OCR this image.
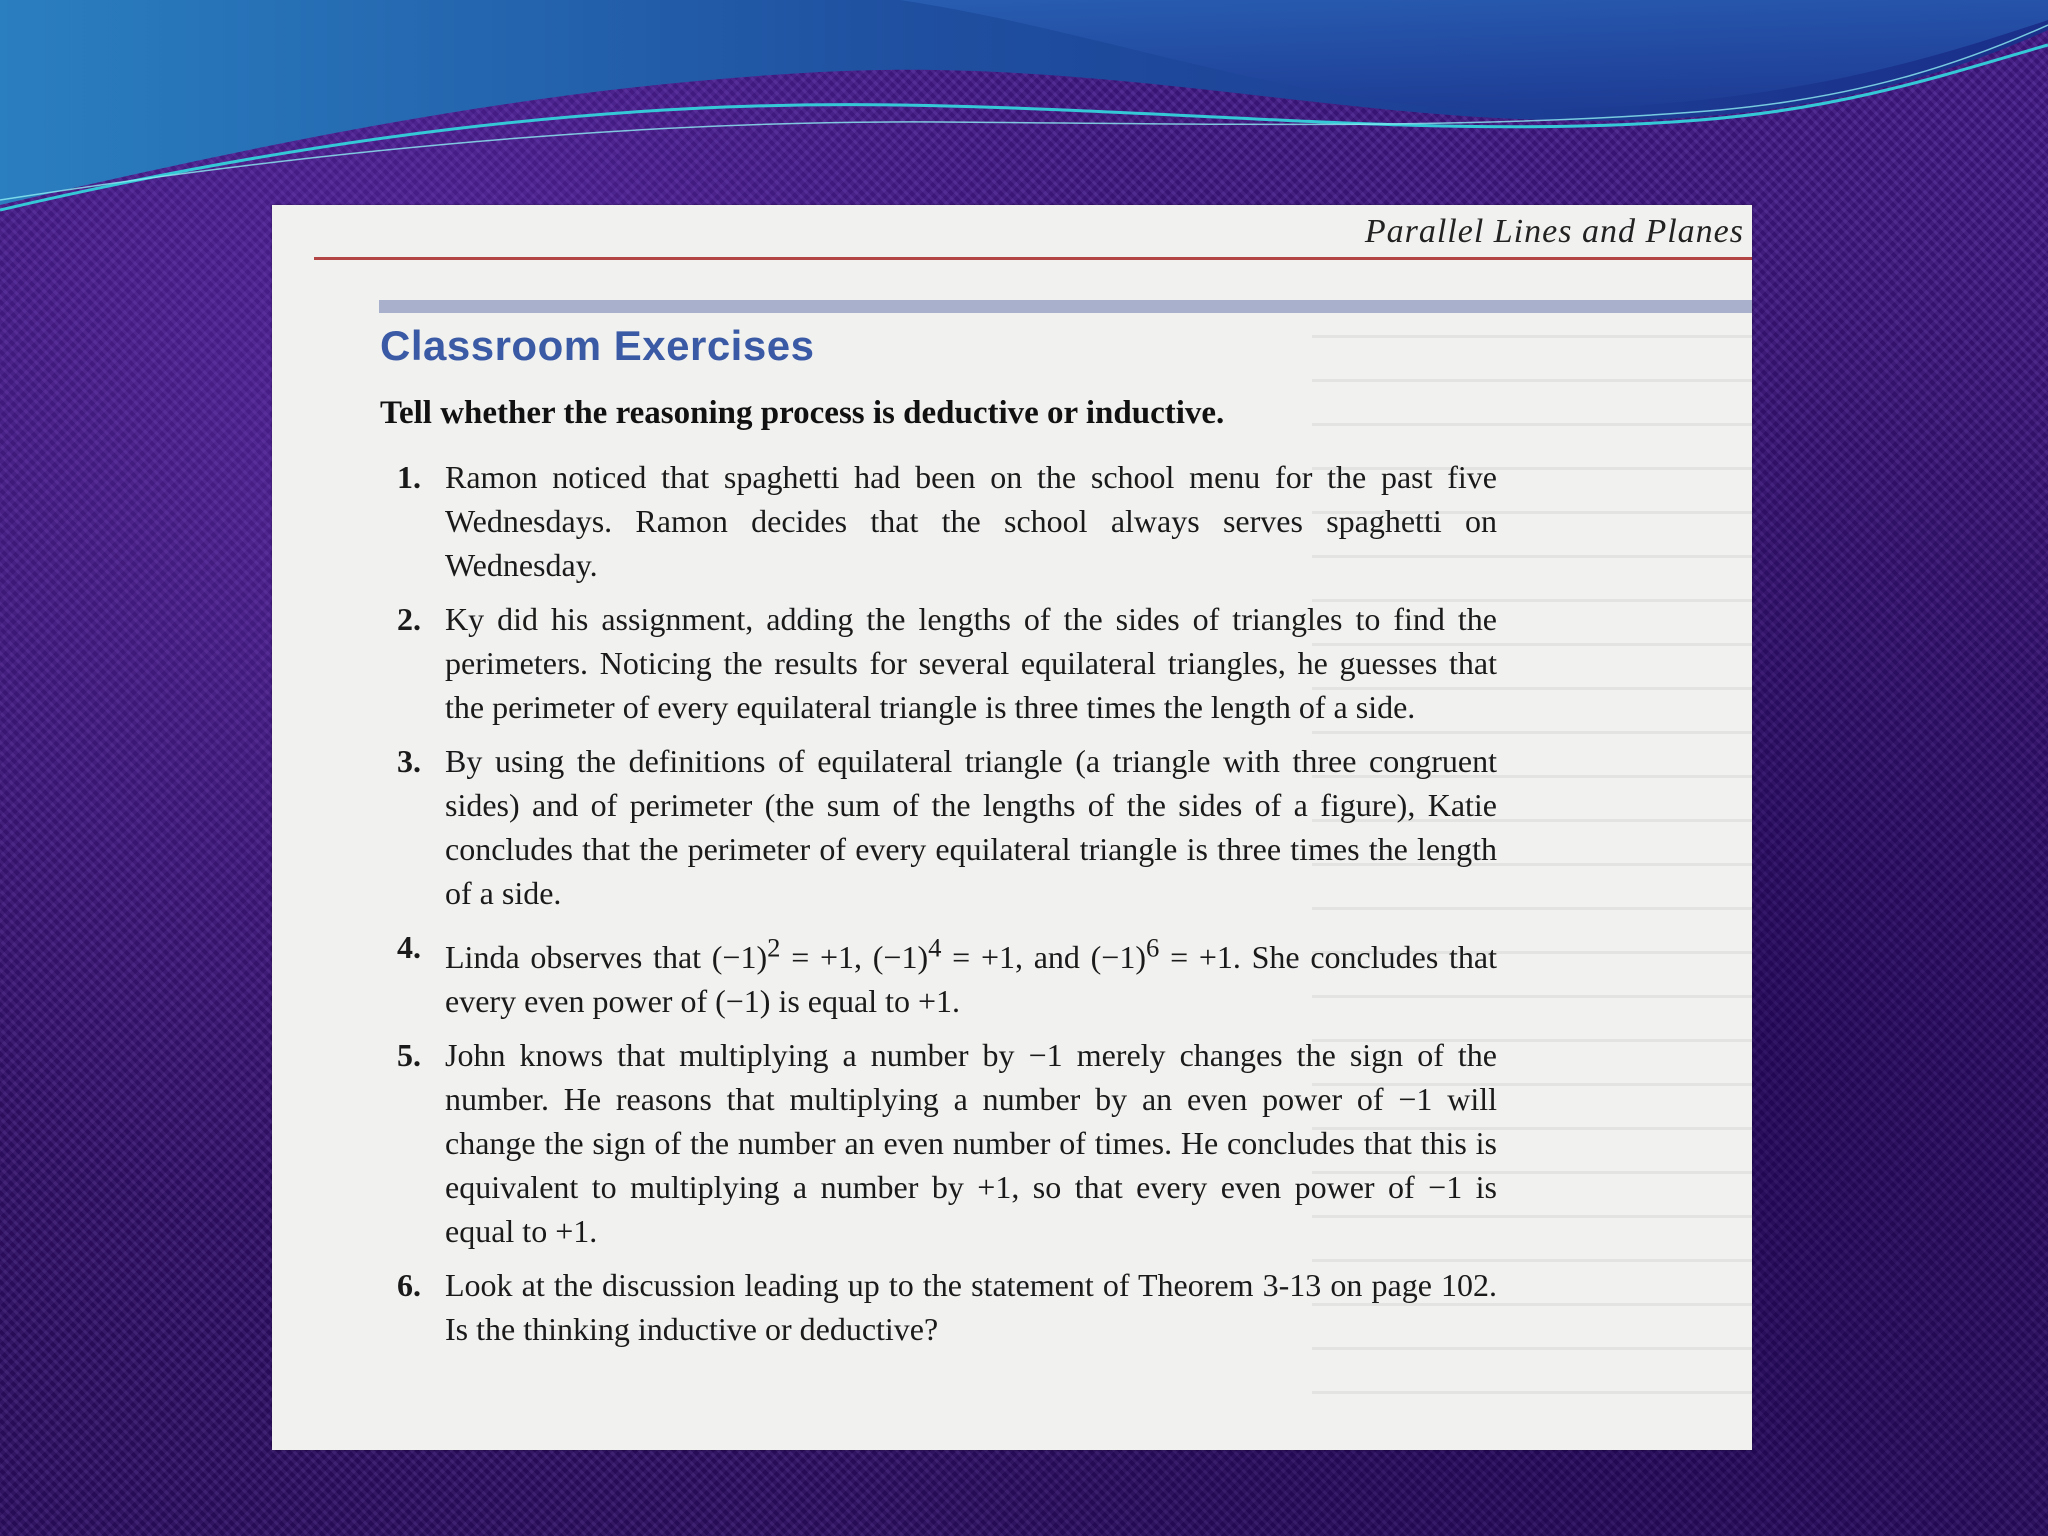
Parallel Lines and Planes
Classroom Exercises
Tell whether the reasoning process is deductive or inductive.
1. Ramon noticed that spaghetti had been on the school menu for the past five Wednesdays. Ramon decides that the school always serves spaghetti on Wednesday.
2. Ky did his assignment, adding the lengths of the sides of triangles to find the perimeters. Noticing the results for several equilateral triangles, he guesses that the perimeter of every equilateral triangle is three times the length of a side.
3. By using the definitions of equilateral triangle (a triangle with three congruent sides) and of perimeter (the sum of the lengths of the sides of a figure), Katie concludes that the perimeter of every equilateral triangle is three times the length of a side.
4. Linda observes that $(-1)^2 = +1$, $(-1)^4 = +1$, and $(-1)^6 = +1$. She concludes that every even power of (−1) is equal to +1.
5. John knows that multiplying a number by −1 merely changes the sign of the number. He reasons that multiplying a number by an even power of −1 will change the sign of the number an even number of times. He concludes that this is equivalent to multiplying a number by +1, so that every even power of −1 is equal to +1.
6. Look at the discussion leading up to the statement of Theorem 3-13 on page 102. Is the thinking inductive or deductive?
